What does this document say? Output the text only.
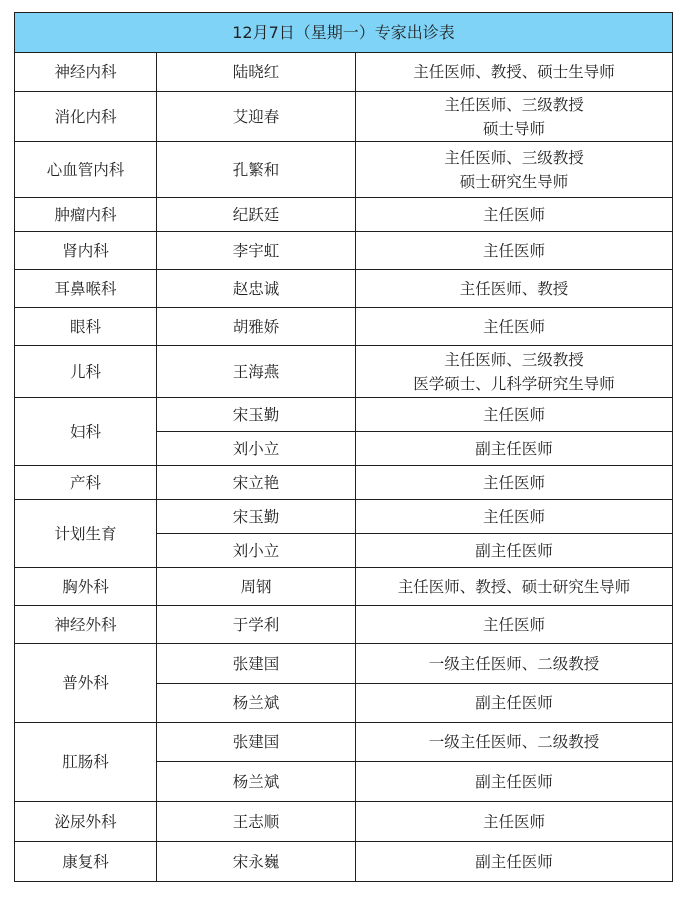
12月7日（星期一）专家出诊表		
神经内科	陆晓红	主任医师、教授、硕士生导师

消化内科	艾迎春	主任医师、三级教授
硕士导师

心血管内科	孔繁和	主任医师、三级教授
硕士研究生导师

肿瘤内科	纪跃廷	主任医师

肾内科	李宇虹	主任医师

耳鼻喉科	赵忠诚	主任医师、教授

眼科	胡雅娇	主任医师

儿科	王海燕	主任医师、三级教授
医学硕士、儿科学研究生导师

妇科	宋玉勤	主任医师

	刘小立	副主任医师

产科	宋立艳	主任医师

计划生育	宋玉勤	主任医师

	刘小立	副主任医师

胸外科	周钢	主任医师、教授、硕士研究生导师

神经外科	于学利	主任医师

普外科	张建国	一级主任医师、二级教授

	杨兰斌	副主任医师

肛肠科	张建国	一级主任医师、二级教授

	杨兰斌	副主任医师

泌尿外科	王志顺	主任医师

康复科	宋永巍	副主任医师
